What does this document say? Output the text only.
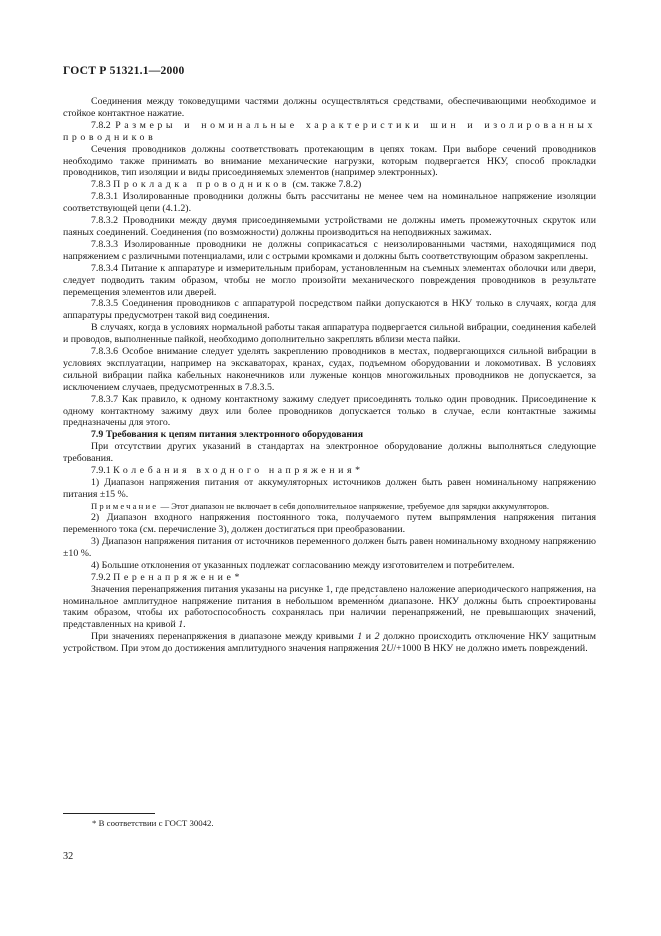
ГОСТ Р 51321.1—2000

Соединения между токоведущими частями должны осуществляться средствами, обеспечивающими необходимое и стойкое контактное нажатие.

7.8.2 Размеры и номинальные характеристики шин и изолированных проводников

Сечения проводников должны соответствовать протекающим в цепях токам. При выборе сечений проводников необходимо также принимать во внимание механические нагрузки, которым подвергается НКУ, способ прокладки проводников, тип изоляции и виды присоединяемых элементов (например электронных).

7.8.3 Прокладка проводников (см. также 7.8.2)

7.8.3.1 Изолированные проводники должны быть рассчитаны не менее чем на номинальное напряжение изоляции соответствующей цепи (4.1.2).

7.8.3.2 Проводники между двумя присоединяемыми устройствами не должны иметь промежуточных скруток или паяных соединений. Соединения (по возможности) должны производиться на неподвижных зажимах.

7.8.3.3 Изолированные проводники не должны соприкасаться с неизолированными частями, находящимися под напряжением с различными потенциалами, или с острыми кромками и должны быть соответствующим образом закреплены.

7.8.3.4 Питание к аппаратуре и измерительным приборам, установленным на съемных элементах оболочки или двери, следует подводить таким образом, чтобы не могло произойти механического повреждения проводников в результате перемещения элементов или дверей.

7.8.3.5 Соединения проводников с аппаратурой посредством пайки допускаются в НКУ только в случаях, когда для аппаратуры предусмотрен такой вид соединения.

В случаях, когда в условиях нормальной работы такая аппаратура подвергается сильной вибрации, соединения кабелей и проводов, выполненные пайкой, необходимо дополнительно закреплять вблизи места пайки.

7.8.3.6 Особое внимание следует уделять закреплению проводников в местах, подвергающихся сильной вибрации в условиях эксплуатации, например на экскаваторах, кранах, судах, подъемном оборудовании и локомотивах. В условиях сильной вибрации пайка кабельных наконечников или луженые концов многожильных проводников не допускается, за исключением случаев, предусмотренных в 7.8.3.5.

7.8.3.7 Как правило, к одному контактному зажиму следует присоединять только один проводник. Присоединение к одному контактному зажиму двух или более проводников допускается только в случае, если контактные зажимы предназначены для этого.

7.9 Требования к цепям питания электронного оборудования

При отсутствии других указаний в стандартах на электронное оборудование должны выполняться следующие требования.

7.9.1 Колебания входного напряжения*

1) Диапазон напряжения питания от аккумуляторных источников должен быть равен номинальному напряжению питания ±15 %.

Примечание — Этот диапазон не включает в себя дополнительное напряжение, требуемое для зарядки аккумуляторов.

2) Диапазон входного напряжения постоянного тока, получаемого путем выпрямления напряжения питания переменного тока (см. перечисление 3), должен достигаться при преобразовании.

3) Диапазон напряжения питания от источников переменного должен быть равен номинальному входному напряжению ±10 %.

4) Большие отклонения от указанных подлежат согласованию между изготовителем и потребителем.

7.9.2 Перенапряжение*

Значения перенапряжения питания указаны на рисунке 1, где представлено наложение апериодического напряжения, на номинальное амплитудное напряжение питания в небольшом временно́м диапазоне. НКУ должны быть спроектированы таким образом, чтобы их работоспособность сохранялась при наличии перенапряжений, не превышающих значений, представленных на кривой 1.

При значениях перенапряжения в диапазоне между кривыми 1 и 2 должно происходить отключение НКУ защитным устройством. При этом до достижения амплитудного значения напряжения 2U/+1000 В НКУ не должно иметь повреждений.

* В соответствии с ГОСТ 30042.
32
